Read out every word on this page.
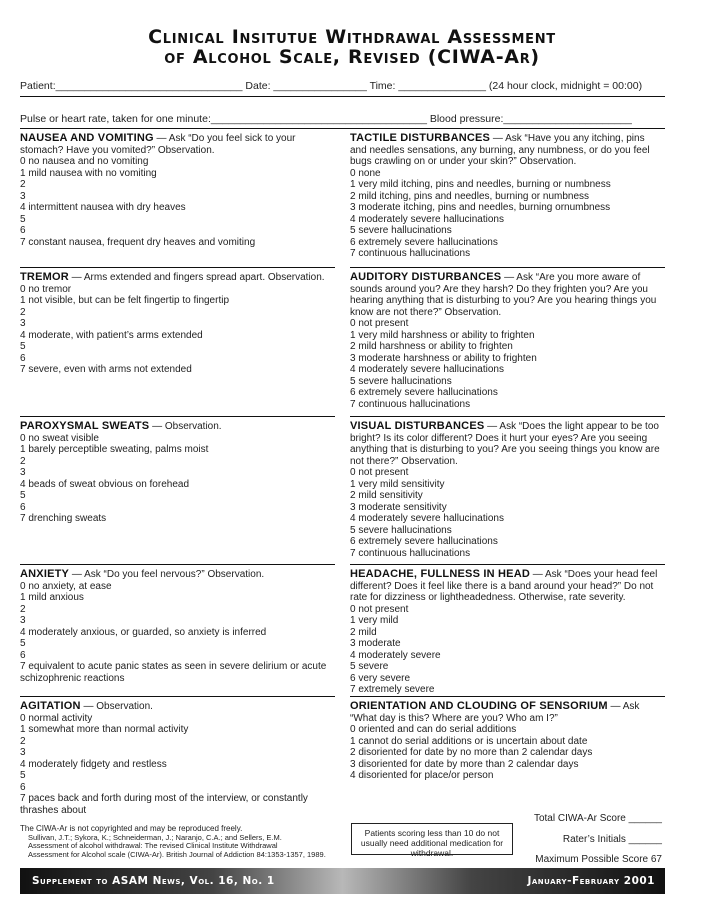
Clinical Insitutue Withdrawal Assessment
of Alcohol Scale, Revised (CIWA-Ar)
Patient:________________________________ Date: ________________ Time: _______________ (24 hour clock, midnight = 00:00)
Pulse or heart rate, taken for one minute:_____________________________________ Blood pressure:______________________
NAUSEA AND VOMITING — Ask “Do you feel sick to your stomach? Have you vomited?” Observation.
0 no nausea and no vomiting
1 mild nausea with no vomiting
2
3
4 intermittent nausea with dry heaves
5
6
7 constant nausea, frequent dry heaves and vomiting
TACTILE DISTURBANCES — Ask “Have you any itching, pins and needles sensations, any burning, any numbness, or do you feel bugs crawling on or under your skin?” Observation.
0 none
1 very mild itching, pins and needles, burning or numbness
2 mild itching, pins and needles, burning or numbness
3 moderate itching, pins and needles, burning ornumbness
4 moderately severe hallucinations
5 severe hallucinations
6 extremely severe hallucinations
7 continuous hallucinations
TREMOR — Arms extended and fingers spread apart. Observation.
0 no tremor
1 not visible, but can be felt fingertip to fingertip
2
3
4 moderate, with patient’s arms extended
5
6
7 severe, even with arms not extended
AUDITORY DISTURBANCES — Ask “Are you more aware of sounds around you? Are they harsh? Do they frighten you? Are you hearing anything that is disturbing to you? Are you hearing things you know are not there?” Observation.
0 not present
1 very mild harshness or ability to frighten
2 mild harshness or ability to frighten
3 moderate harshness or ability to frighten
4 moderately severe hallucinations
5 severe hallucinations
6 extremely severe hallucinations
7 continuous hallucinations
PAROXYSMAL SWEATS — Observation.
0 no sweat visible
1 barely perceptible sweating, palms moist
2
3
4 beads of sweat obvious on forehead
5
6
7 drenching sweats
VISUAL DISTURBANCES — Ask “Does the light appear to be too bright? Is its color different? Does it hurt your eyes? Are you seeing anything that is disturbing to you? Are you seeing things you know are not there?” Observation.
0 not present
1 very mild sensitivity
2 mild sensitivity
3 moderate sensitivity
4 moderately severe hallucinations
5 severe hallucinations
6 extremely severe hallucinations
7 continuous hallucinations
ANXIETY — Ask “Do you feel nervous?” Observation.
0 no anxiety, at ease
1 mild anxious
2
3
4 moderately anxious, or guarded, so anxiety is inferred
5
6
7 equivalent to acute panic states as seen in severe delirium or acute schizophrenic reactions
HEADACHE, FULLNESS IN HEAD — Ask “Does your head feel different? Does it feel like there is a band around your head?” Do not rate for dizziness or lightheadedness. Otherwise, rate severity.
0 not present
1 very mild
2 mild
3 moderate
4 moderately severe
5 severe
6 very severe
7 extremely severe
AGITATION — Observation.
0 normal activity
1 somewhat more than normal activity
2
3
4 moderately fidgety and restless
5
6
7 paces back and forth during most of the interview, or constantly thrashes about
ORIENTATION AND CLOUDING OF SENSORIUM — Ask “What day is this? Where are you? Who am I?”
0 oriented and can do serial additions
1 cannot do serial additions or is uncertain about date
2 disoriented for date by no more than 2 calendar days
3 disoriented for date by more than 2 calendar days
4 disoriented for place/or person
Total CIWA-Ar Score ______
Rater’s Initials ______
Maximum Possible Score 67
Patients scoring less than 10 do not usually need additional medication for withdrawal.
The CIWA-Ar is not copyrighted and may be reproduced freely.
Sullivan, J.T.; Sykora, K.; Schneiderman, J.; Naranjo, C.A.; and Sellers, E.M.
Assessment of alcohol withdrawal: The revised Clinical Institute Withdrawal
Assessment for Alcohol scale (CIWA-Ar). British Journal of Addiction 84:1353-1357, 1989.
Supplement to ASAM News, Vol. 16, No. 1	January-February 2001
